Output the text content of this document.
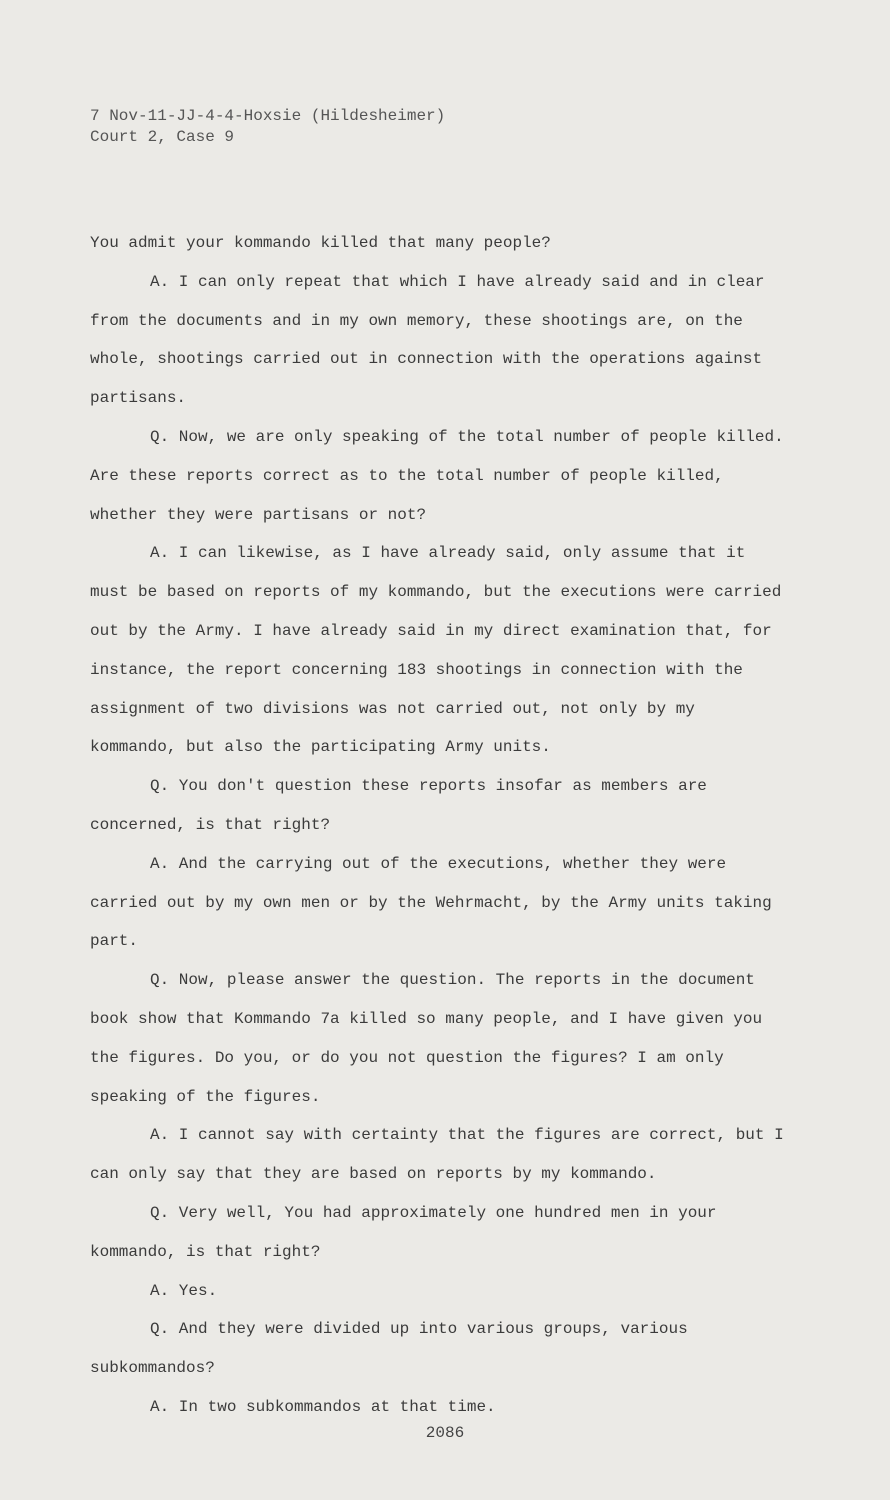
7 Nov-11-JJ-4-4-Hoxsie (Hildesheimer)
Court 2, Case 9

You admit your kommando killed that many people?

A. I can only repeat that which I have already said and in clear from the documents and in my own memory, these shootings are, on the whole, shootings carried out in connection with the operations against partisans.

Q. Now, we are only speaking of the total number of people killed. Are these reports correct as to the total number of people killed, whether they were partisans or not?

A. I can likewise, as I have already said, only assume that it must be based on reports of my kommando, but the executions were carried out by the Army. I have already said in my direct examination that, for instance, the report concerning 183 shootings in connection with the assignment of two divisions was not carried out, not only by my kommando, but also the participating Army units.

Q. You don't question these reports insofar as members are concerned, is that right?

A. And the carrying out of the executions, whether they were carried out by my own men or by the Wehrmacht, by the Army units taking part.

Q. Now, please answer the question. The reports in the document book show that Kommando 7a killed so many people, and I have given you the figures. Do you, or do you not question the figures? I am only speaking of the figures.

A. I cannot say with certainty that the figures are correct, but I can only say that they are based on reports by my kommando.

Q. Very well, You had approximately one hundred men in your kommando, is that right?

A. Yes.

Q. And they were divided up into various groups, various subkommandos?

A. In two subkommandos at that time.

2086
